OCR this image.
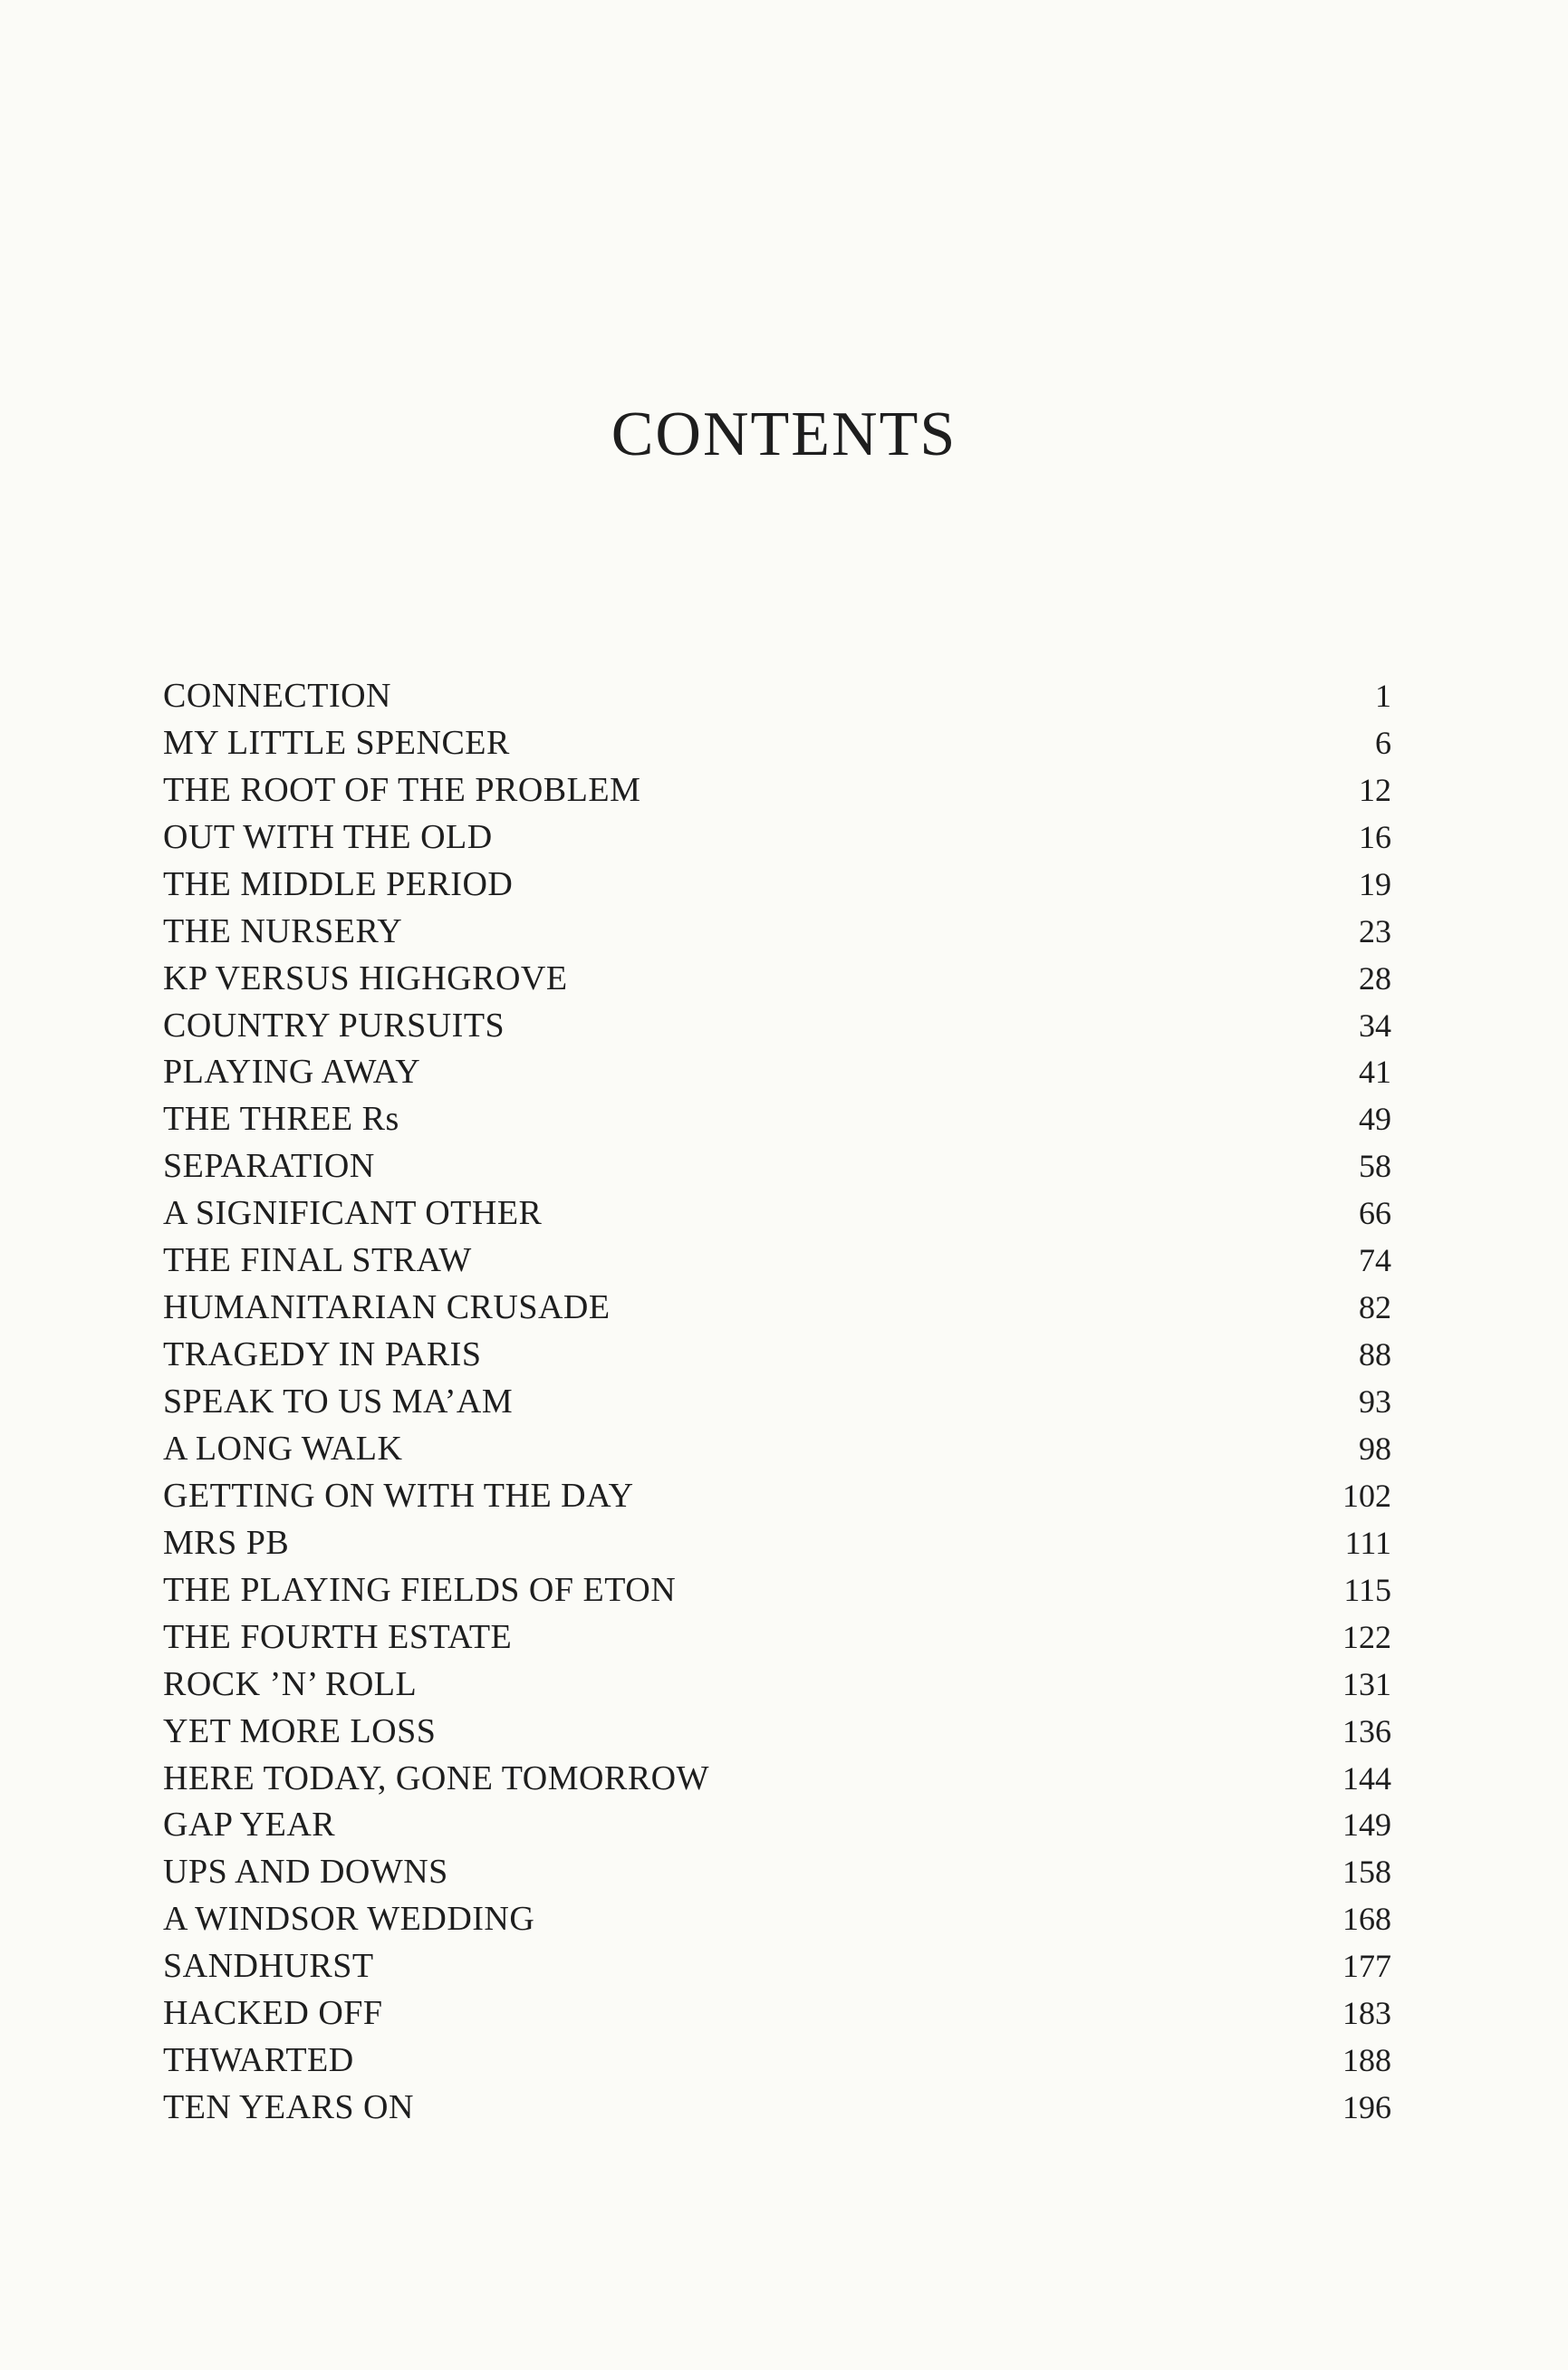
CONTENTS
CONNECTION	1
MY LITTLE SPENCER	6
THE ROOT OF THE PROBLEM	12
OUT WITH THE OLD	16
THE MIDDLE PERIOD	19
THE NURSERY	23
KP VERSUS HIGHGROVE	28
COUNTRY PURSUITS	34
PLAYING AWAY	41
THE THREE Rs	49
SEPARATION	58
A SIGNIFICANT OTHER	66
THE FINAL STRAW	74
HUMANITARIAN CRUSADE	82
TRAGEDY IN PARIS	88
SPEAK TO US MA’AM	93
A LONG WALK	98
GETTING ON WITH THE DAY	102
MRS PB	111
THE PLAYING FIELDS OF ETON	115
THE FOURTH ESTATE	122
ROCK ’N’ ROLL	131
YET MORE LOSS	136
HERE TODAY, GONE TOMORROW	144
GAP YEAR	149
UPS AND DOWNS	158
A WINDSOR WEDDING	168
SANDHURST	177
HACKED OFF	183
THWARTED	188
TEN YEARS ON	196
